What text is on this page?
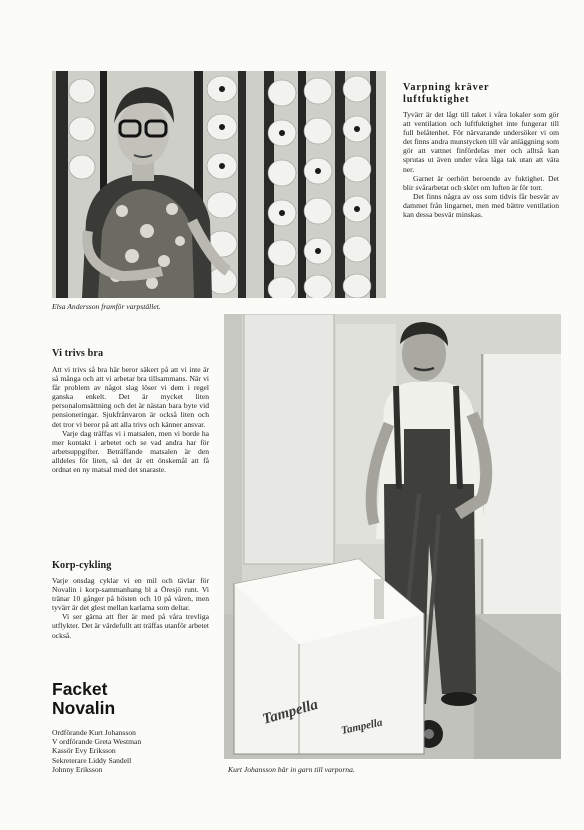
Elsa Andersson framför varpstället.
Varpning kräver luftfuktighet

Tyvärr är det lågt till taket i våra lokaler som gör att ventilation och luftfuktighet inte fungerar till full belåtenhet. För närvarande undersöker vi om det finns andra munstycken till vår anläggning som gör att vattnet finfördelas mer och alltså kan sprutas ut även under våra låga tak utan att väta ner.

Garnet är oerhört beroende av fuktighet. Det blir svårarbetat och skört om luften är för torr.

Det finns några av oss som tidvis får besvär av dammet från lingarnet, men med bättre ventilation kan dessa besvär minskas.

Vi trivs bra

Att vi trivs så bra här beror säkert på att vi inte är så många och att vi arbetar bra tillsammans. När vi får problem av något slag löser vi dem i regel ganska enkelt. Det är mycket liten personalomsättning och det är nästan bara byte vid pensioneringar. Sjukfrånvaron är också liten och det tror vi beror på att alla trivs och känner ansvar.

Varje dag träffas vi i matsalen, men vi borde ha mer kontakt i arbetet och se vad andra har för arbetsuppgifter. Beträffande matsalen är den alldeles för liten, så det är ett önskemål att få ordnat en ny matsal med det snaraste.

Korp-cykling

Varje onsdag cyklar vi en mil och tävlar för Novalin i korp-sammanhang bl a Öresjö runt. Vi tränar 10 gånger på hösten och 10 på våren, men tyvärr är det glest mellan karlarna som deltar.

Vi ser gärna att fler är med på våra trevliga utflykter. Det är värdefullt att träffas utanför arbetet också.

Facket
Novalin
Ordförande Kurt Johansson
V ordförande Greta Westman
Kassör Evy Eriksson
Sekreterare Liddy Sandell
Johnny Eriksson
Tampella Tampella
Kurt Johansson bär in garn till varporna.
